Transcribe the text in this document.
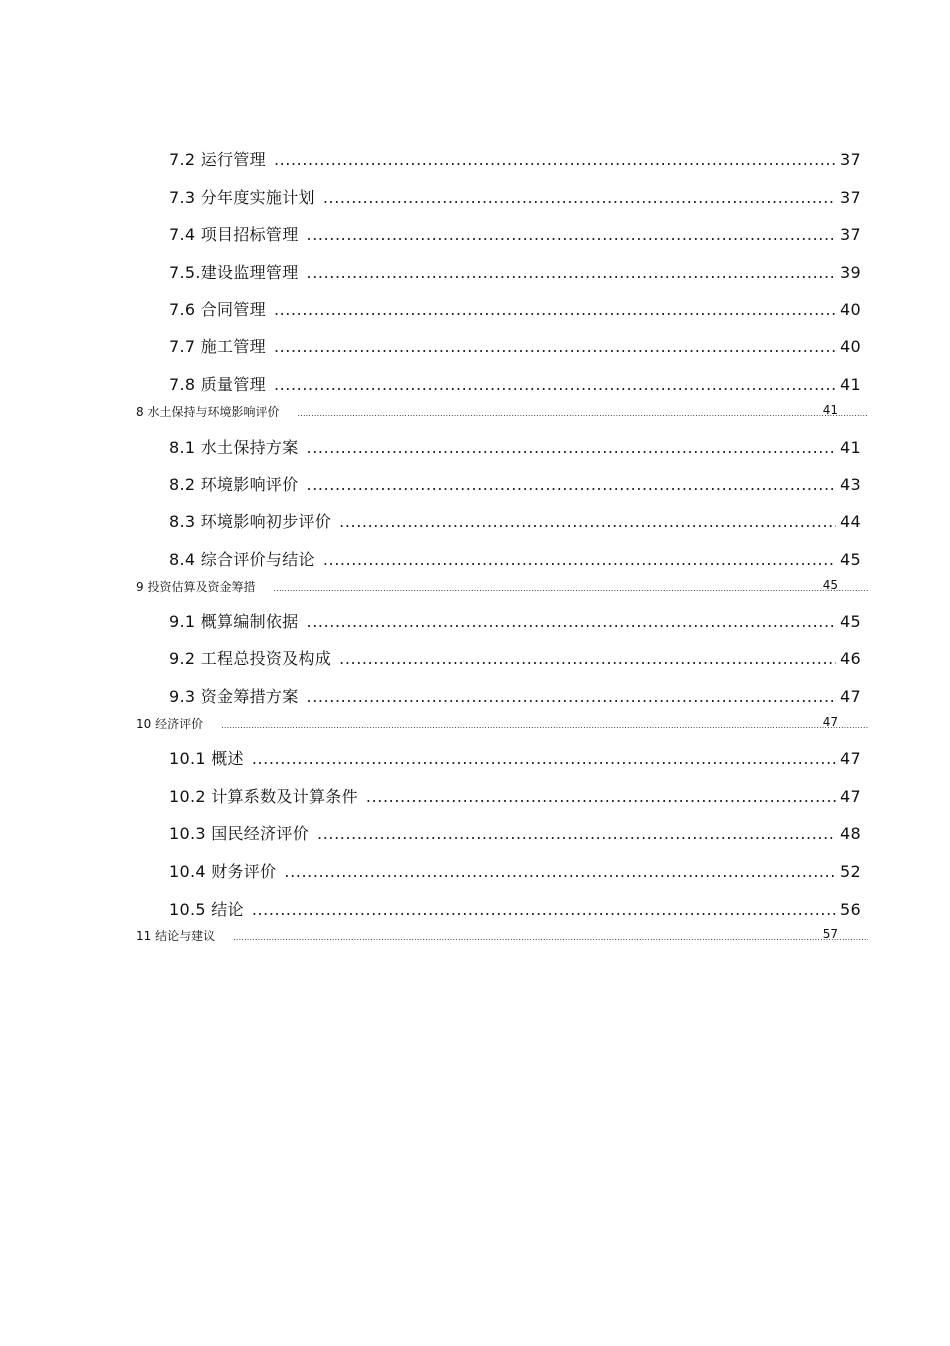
7.2 运行管理 .....	37
7.3 分年度实施计划 .....	37
7.4 项目招标管理 .....	37
7.5.建设监理管理 .....	39
7.6 合同管理 .....	40
7.7 施工管理 .....	40
7.8 质量管理 .....	41
8 水土保持与环境影响评价 .....	41
8.1 水土保持方案 .....	41
8.2 环境影响评价 .....	43
8.3 环境影响初步评价 .....	44
8.4 综合评价与结论 .....	45
9 投资估算及资金筹措 .....	45
9.1 概算编制依据 .....	45
9.2 工程总投资及构成 .....	46
9.3 资金筹措方案 .....	47
10 经济评价 .....	47
10.1 概述 .....	47
10.2 计算系数及计算条件 .....	47
10.3 国民经济评价 .....	48
10.4 财务评价 .....	52
10.5 结论 .....	56
11 结论与建议 .....	57
